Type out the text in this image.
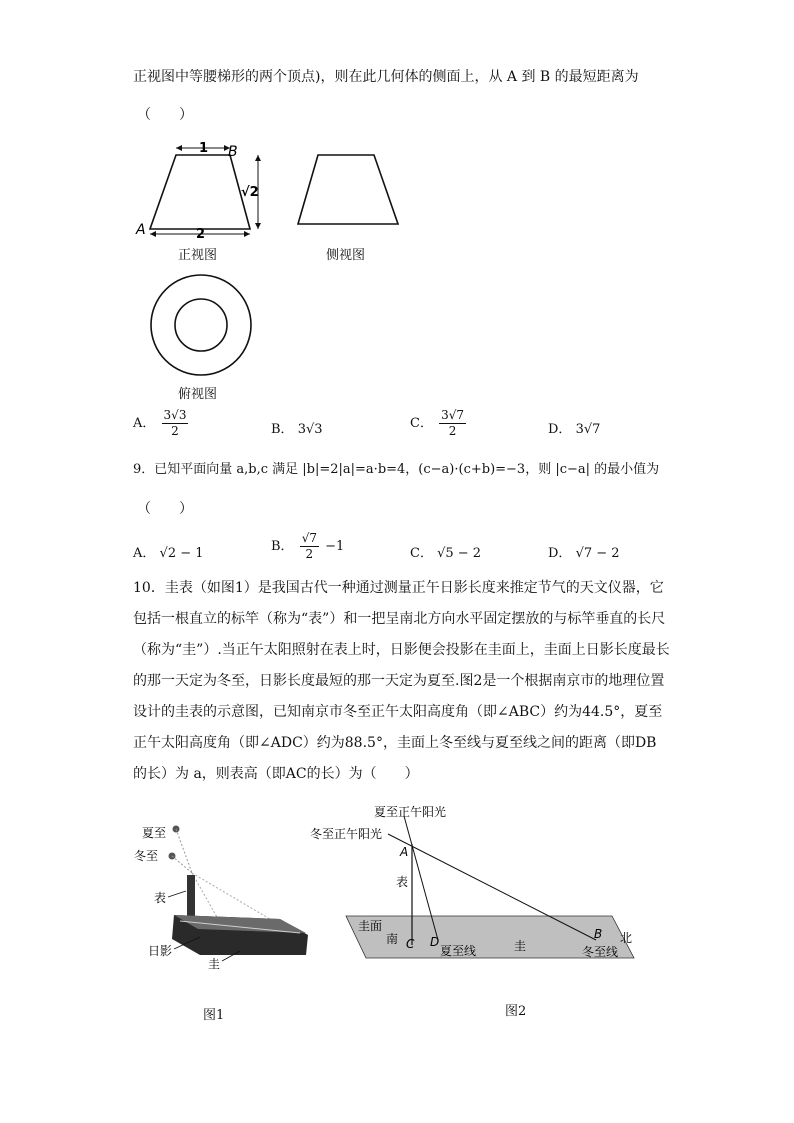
正视图中等腰梯形的两个顶点)，则在此几何体的侧面上，从 A 到 B 的最短距离为
（　　）
1
2
√2
A
B
正视图	侧视图
俯视图
A． $\frac{3√3}{2}$	B． 3√3	C． $\frac{3√7}{2}$	D． 3√7
9．已知平面向量 a,b,c 满足 |b|=2|a|=a·b=4，(c−a)·(c+b)=−3，则 |c−a| 的最小值为
（　　）
A． √2 − 1	B． $\frac{√7}{2} -1$	C． √5 − 2	D． √7 − 2
10．圭表（如图1）是我国古代一种通过测量正午日影长度来推定节气的天文仪器，它
包括一根直立的标竿（称为“表”）和一把呈南北方向水平固定摆放的与标竿垂直的长尺
（称为“圭”）.当正午太阳照射在表上时，日影便会投影在圭面上，圭面上日影长度最长
的那一天定为冬至，日影长度最短的那一天定为夏至.图2是一个根据南京市的地理位置
设计的圭表的示意图，已知南京市冬至正午太阳高度角（即∠ABC）约为44.5°，夏至
正午太阳高度角（即∠ADC）约为88.5°，圭面上冬至线与夏至线之间的距离（即DB
的长）为 a，则表高（即AC的长）为（　　）
夏至
冬至
表
日影
圭
图1
夏至正午阳光
冬至正午阳光
A
表
圭面
南 C D
夏至线	圭
B
冬至线
北
图2
